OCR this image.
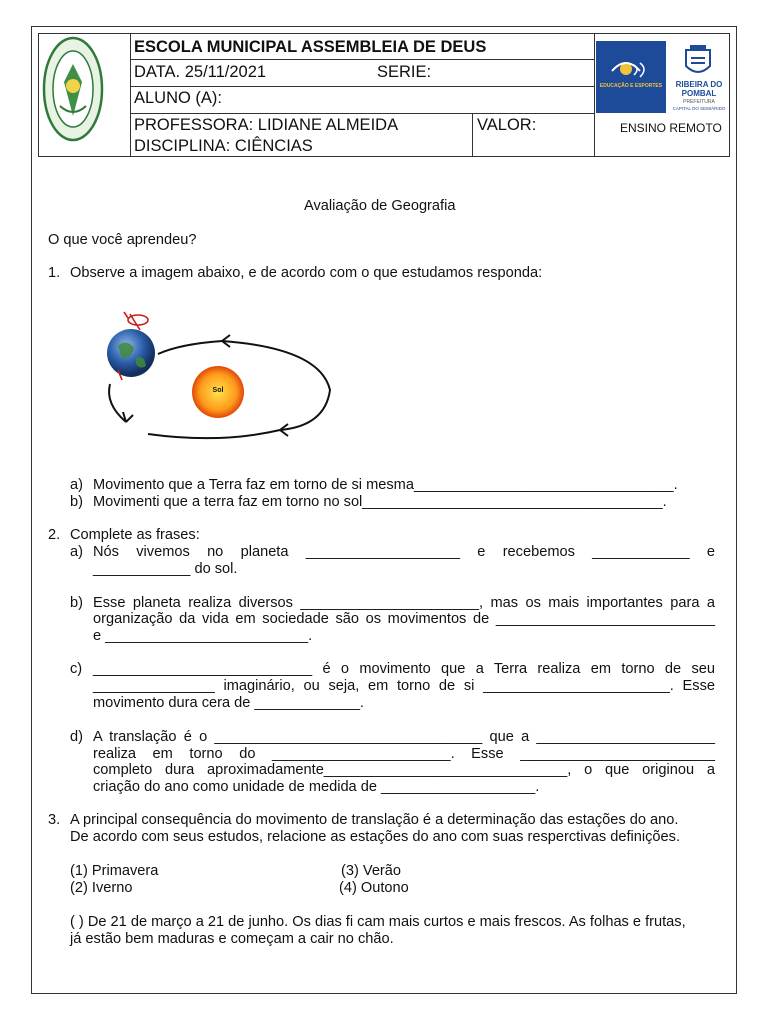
ESCOLA MUNICIPAL ASSEMBLEIA DE DEUS
DATA. 25/11/2021	SERIE:
ALUNO (A):
PROFESSORA: LIDIANE ALMEIDA
DISCIPLINA: CIÊNCIAS
VALOR:
EDUCAÇÃO E ESPORTES	RIBEIRA DO POMBAL
PREFEITURA
CAPITAL DO SEMIÁRIDO
ENSINO REMOTO
Avaliação de Geografia
O que você aprendeu?
1. Observe a imagem abaixo, e de acordo com o que estudamos responda:
Sol
a) Movimento que a Terra faz em torno de si mesma________________________________.
b) Movimenti que a terra faz em torno no sol_____________________________________.
2. Complete as frases:
a) Nós vivemos no planeta ___________________ e recebemos ____________ e
____________ do sol.
b) Esse planeta realiza diversos ______________________, mas os mais importantes para a
organização da vida em sociedade são os movimentos de ___________________________
e _________________________.
c) ___________________________ é o movimento que a Terra realiza em torno de seu
_______________ imaginário, ou seja, em torno de si _______________________. Esse
movimento dura cera de _____________.
d) A translação é o _________________________________ que a ______________________
realiza em torno do ______________________. Esse ________________________
completo dura aproximadamente______________________________, o que originou a
criação do ano como unidade de medida de ___________________.
3. A principal consequência do movimento de translação é a determinação das estações do ano.
De acordo com seus estudos, relacione as estações do ano com suas resperctivas definições.
(1) Primavera
(2) Iverno
(3) Verão
(4) Outono
( ) De 21 de março a 21 de junho. Os dias fi cam mais curtos e mais frescos. As folhas e frutas,
já estão bem maduras e começam a cair no chão.
